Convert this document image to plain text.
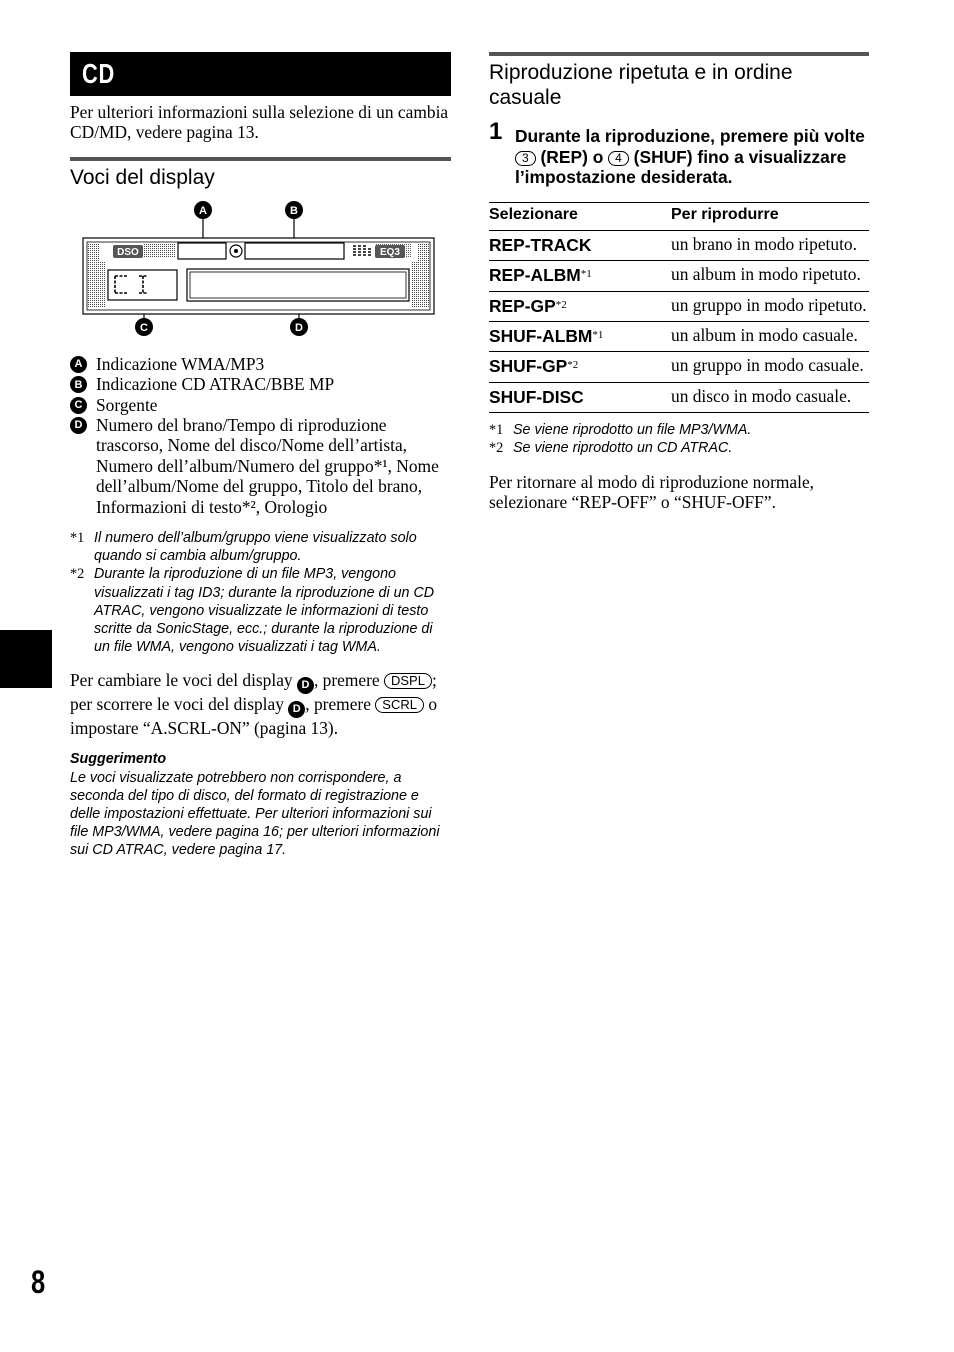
CD
Per ulteriori informazioni sulla selezione di un cambia CD/MD, vedere pagina 13.
Voci del display
DSO	EQ3
A	B
C	D
A Indicazione WMA/MP3
B Indicazione CD ATRAC/BBE MP
C Sorgente
D Numero del brano/Tempo di riproduzione trascorso, Nome del disco/Nome dell’artista, Numero dell’album/Numero del gruppo*¹, Nome dell’album/Nome del gruppo, Titolo del brano, Informazioni di testo*², Orologio
*1 Il numero dell’album/gruppo viene visualizzato solo quando si cambia album/gruppo.
*2 Durante la riproduzione di un file MP3, vengono visualizzati i tag ID3; durante la riproduzione di un CD ATRAC, vengono visualizzate le informazioni di testo scritte da SonicStage, ecc.; durante la riproduzione di un file WMA, vengono visualizzati i tag WMA.
Per cambiare le voci del display D , premere DSPL ; per scorrere le voci del display D , premere SCRL o impostare “A.SCRL-ON” (pagina 13).
Suggerimento
Le voci visualizzate potrebbero non corrispondere, a seconda del tipo di disco, del formato di registrazione e delle impostazioni effettuate. Per ulteriori informazioni sui file MP3/WMA, vedere pagina 16; per ulteriori informazioni sui CD ATRAC, vedere pagina 17.
Riproduzione ripetuta e in ordine casuale
1 Durante la riproduzione, premere più volte 3 (REP) o 4 (SHUF) fino a visualizzare l’impostazione desiderata.
Selezionare	Per riprodurre
REP-TRACK	un brano in modo ripetuto.
REP-ALBM$^{*1}$	un album in modo ripetuto.
REP-GP$^{*2}$	un gruppo in modo ripetuto.
SHUF-ALBM$^{*1}$	un album in modo casuale.
SHUF-GP$^{*2}$	un gruppo in modo casuale.
SHUF-DISC	un disco in modo casuale.
*1 Se viene riprodotto un file MP3/WMA.
*2 Se viene riprodotto un CD ATRAC.
Per ritornare al modo di riproduzione normale, selezionare “REP-OFF” o “SHUF-OFF”.
8
